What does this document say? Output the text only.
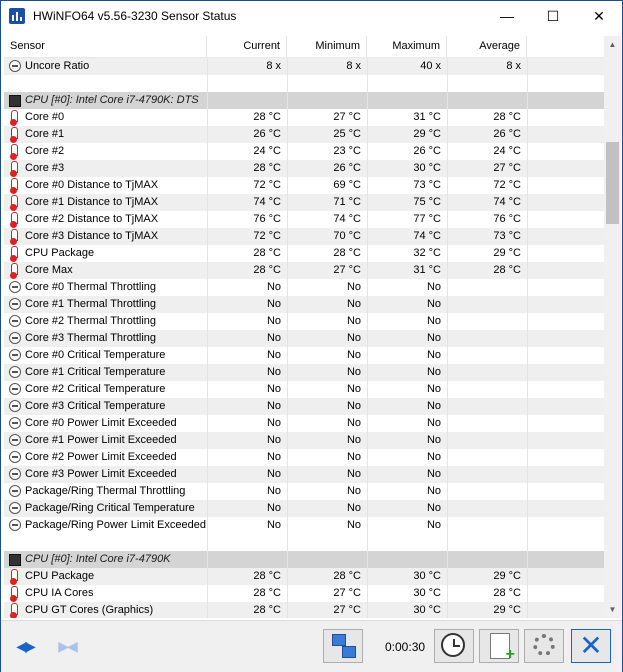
HWiNFO64 v5.56-3230 Sensor Status	—	☐	✕
Sensor	Current	Minimum	Maximum	Average
Uncore Ratio	8 x	8 x	40 x	8 x
CPU [#0]: Intel Core i7-4790K: DTS
Core #0	28 °C	27 °C	31 °C	28 °C
Core #1	26 °C	25 °C	29 °C	26 °C
Core #2	24 °C	23 °C	26 °C	24 °C
Core #3	28 °C	26 °C	30 °C	27 °C
Core #0 Distance to TjMAX	72 °C	69 °C	73 °C	72 °C
Core #1 Distance to TjMAX	74 °C	71 °C	75 °C	74 °C
Core #2 Distance to TjMAX	76 °C	74 °C	77 °C	76 °C
Core #3 Distance to TjMAX	72 °C	70 °C	74 °C	73 °C
CPU Package	28 °C	28 °C	32 °C	29 °C
Core Max	28 °C	27 °C	31 °C	28 °C
Core #0 Thermal Throttling	No	No	No
Core #1 Thermal Throttling	No	No	No
Core #2 Thermal Throttling	No	No	No
Core #3 Thermal Throttling	No	No	No
Core #0 Critical Temperature	No	No	No
Core #1 Critical Temperature	No	No	No
Core #2 Critical Temperature	No	No	No
Core #3 Critical Temperature	No	No	No
Core #0 Power Limit Exceeded	No	No	No
Core #1 Power Limit Exceeded	No	No	No
Core #2 Power Limit Exceeded	No	No	No
Core #3 Power Limit Exceeded	No	No	No
Package/Ring Thermal Throttling	No	No	No
Package/Ring Critical Temperature	No	No	No
Package/Ring Power Limit Exceeded	No	No	No
CPU [#0]: Intel Core i7-4790K
CPU Package	28 °C	28 °C	30 °C	29 °C
CPU IA Cores	28 °C	27 °C	30 °C	28 °C
CPU GT Cores (Graphics)	28 °C	27 °C	30 °C	29 °C
▲
▼
◀▶	▶◀	0:00:30
+	✕
